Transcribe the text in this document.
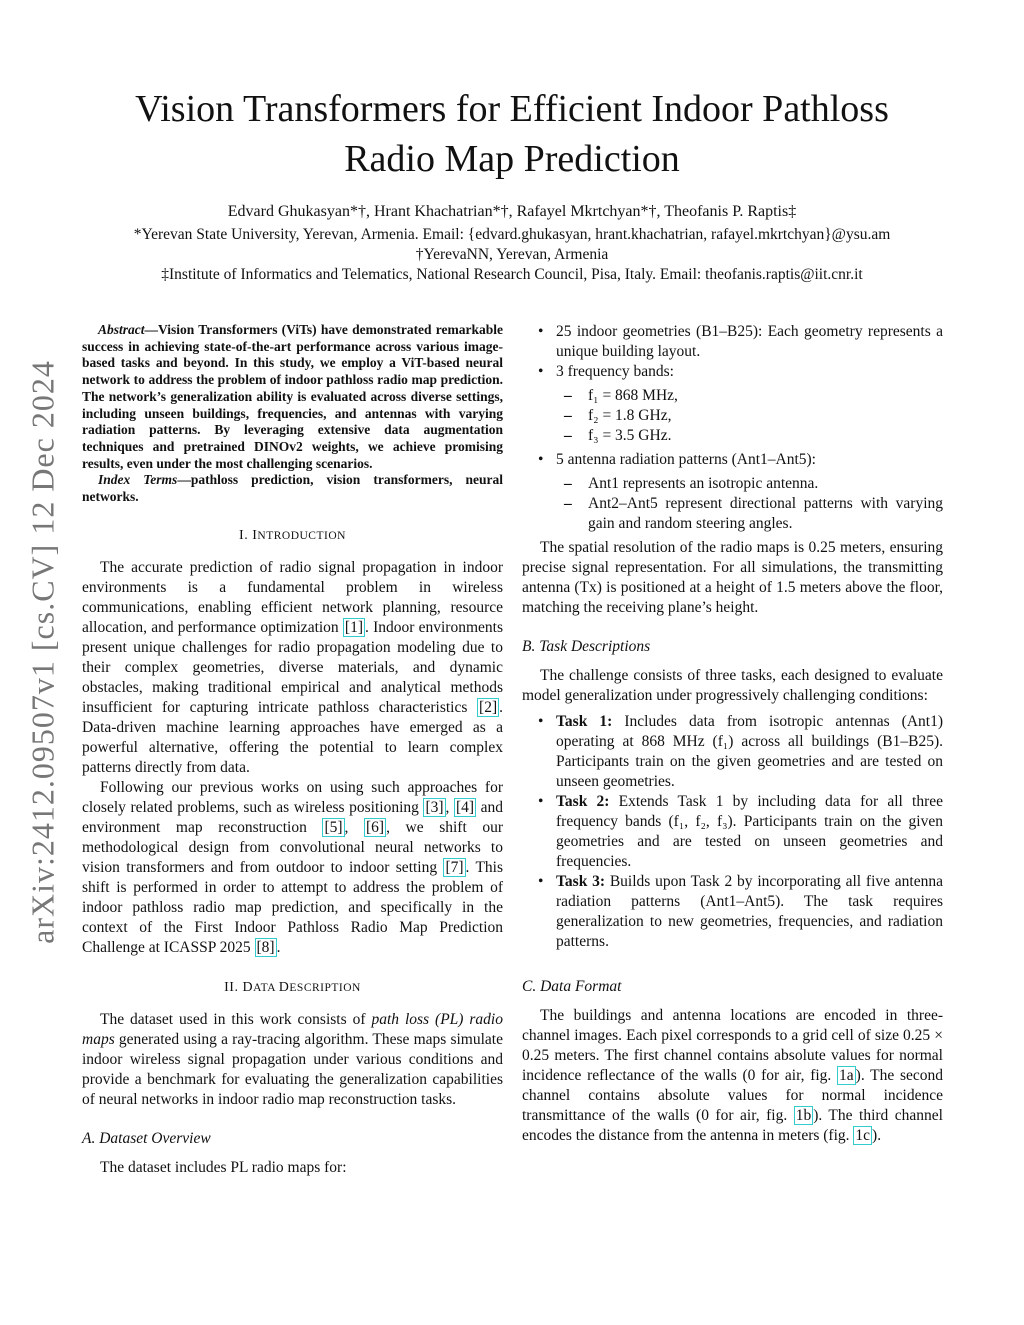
Vision Transformers for Efficient Indoor Pathloss
Radio Map Prediction
Edvard Ghukasyan*†, Hrant Khachatrian*†, Rafayel Mkrtchyan*†, Theofanis P. Raptis‡
*Yerevan State University, Yerevan, Armenia. Email: {edvard.ghukasyan, hrant.khachatrian, rafayel.mkrtchyan}@ysu.am
†YerevaNN, Yerevan, Armenia
‡Institute of Informatics and Telematics, National Research Council, Pisa, Italy. Email: theofanis.raptis@iit.cnr.it
arXiv:2412.09507v1 [cs.CV] 12 Dec 2024

Abstract—Vision Transformers (ViTs) have demonstrated remarkable success in achieving state-of-the-art performance across various image-based tasks and beyond. In this study, we employ a ViT-based neural network to address the problem of indoor pathloss radio map prediction. The network’s generalization ability is evaluated across diverse settings, including unseen buildings, frequencies, and antennas with varying radiation patterns. By leveraging extensive data augmentation techniques and pretrained DINOv2 weights, we achieve promising results, even under the most challenging scenarios.

Index Terms—pathloss prediction, vision transformers, neural networks.

I. INTRODUCTION

The accurate prediction of radio signal propagation in indoor environments is a fundamental problem in wireless communications, enabling efficient network planning, resource allocation, and performance optimization [1] . Indoor environments present unique challenges for radio propagation modeling due to their complex geometries, diverse materials, and dynamic obstacles, making traditional empirical and analytical methods insufficient for capturing intricate pathloss characteristics [2] . Data-driven machine learning approaches have emerged as a powerful alternative, offering the potential to learn complex patterns directly from data.

Following our previous works on using such approaches for closely related problems, such as wireless positioning [3] , [4] and environment map reconstruction [5] , [6] , we shift our methodological design from convolutional neural networks to vision transformers and from outdoor to indoor setting [7] . This shift is performed in order to attempt to address the problem of indoor pathloss radio map prediction, and specifically in the context of the First Indoor Pathloss Radio Map Prediction Challenge at ICASSP 2025 [8] .

II. DATA DESCRIPTION

The dataset used in this work consists of path loss (PL) radio maps generated using a ray-tracing algorithm. These maps simulate indoor wireless signal propagation under various conditions and provide a benchmark for evaluating the generalization capabilities of neural networks in indoor radio map reconstruction tasks.

A. Dataset Overview

The dataset includes PL radio maps for:

• 25 indoor geometries (B1–B25): Each geometry represents a unique building layout.
• 3 frequency bands:
– f₁ = 868 MHz,
– f₂ = 1.8 GHz,
– f₃ = 3.5 GHz.
• 5 antenna radiation patterns (Ant1–Ant5):
– Ant1 represents an isotropic antenna.
– Ant2–Ant5 represent directional patterns with varying gain and random steering angles.

The spatial resolution of the radio maps is 0.25 meters, ensuring precise signal representation. For all simulations, the transmitting antenna (Tx) is positioned at a height of 1.5 meters above the floor, matching the receiving plane’s height.

B. Task Descriptions

The challenge consists of three tasks, each designed to evaluate model generalization under progressively challenging conditions:

• Task 1: Includes data from isotropic antennas (Ant1) operating at 868 MHz (f₁) across all buildings (B1–B25). Participants train on the given geometries and are tested on unseen geometries.
• Task 2: Extends Task 1 by including data for all three frequency bands (f₁, f₂, f₃). Participants train on the given geometries and are tested on unseen geometries and frequencies.
• Task 3: Builds upon Task 2 by incorporating all five antenna radiation patterns (Ant1–Ant5). The task requires generalization to new geometries, frequencies, and radiation patterns.
C. Data Format

The buildings and antenna locations are encoded in three-channel images. Each pixel corresponds to a grid cell of size 0.25 × 0.25 meters. The first channel contains absolute values for normal incidence reflectance of the walls (0 for air, fig. 1a ). The second channel contains absolute values for normal incidence transmittance of the walls (0 for air, fig. 1b ). The third channel encodes the distance from the antenna in meters (fig. 1c ).
